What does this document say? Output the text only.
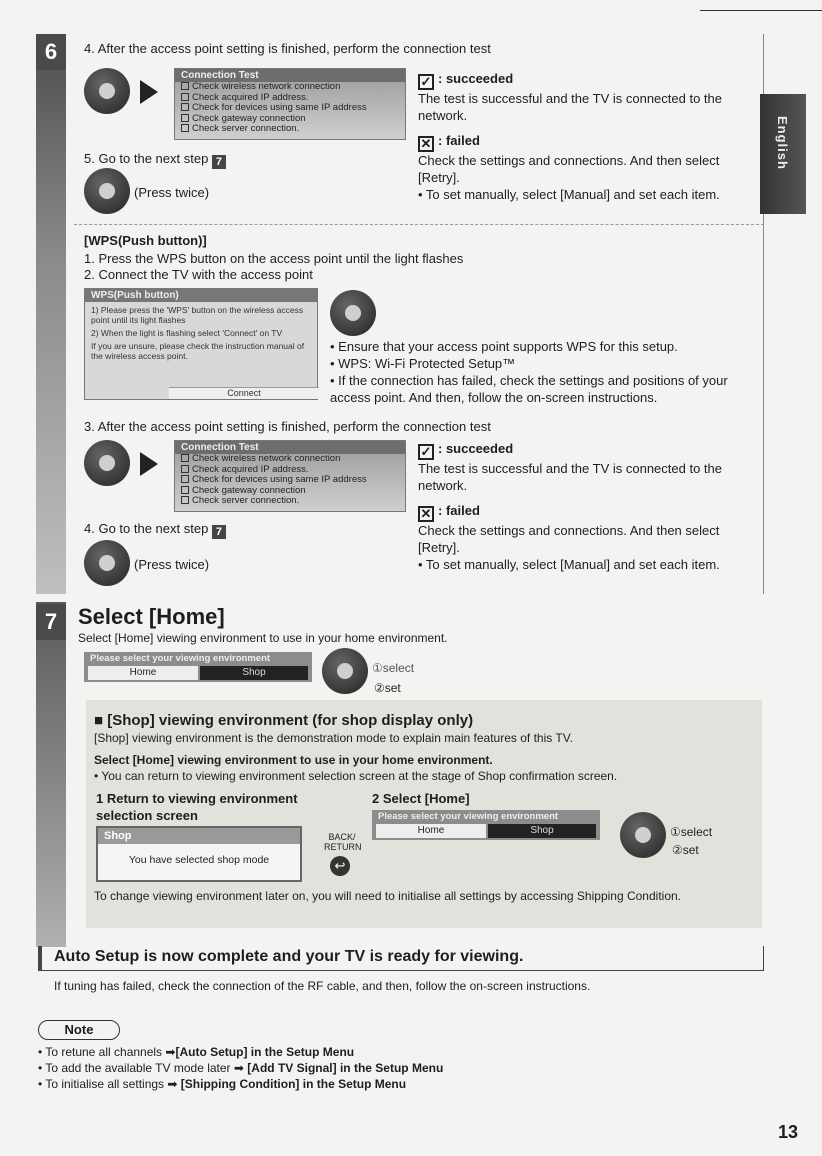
6	4. After the access point setting is finished, perform the connection test
Connection Test
Check wireless network connection
Check acquired IP address.
Check for devices using same IP address
Check gateway connection
Check server connection.
✓ : succeeded
The test is successful and the TV is connected to the network.
✕ : failed
Check the settings and connections. And then select [Retry].
• To set manually, select [Manual] and set each item.
5. Go to the next step 7
(Press twice)
[WPS(Push button)]
1. Press the WPS button on the access point until the light flashes
2. Connect the TV with the access point
WPS(Push button)
1) Please press the 'WPS' button on the wireless access point until its light flashes
2) When the light is flashing select 'Connect' on TV
If you are unsure, please check the instruction manual of the wireless access point.
Connect
• Ensure that your access point supports WPS for this setup.
• WPS: Wi-Fi Protected Setup™
• If the connection has failed, check the settings and positions of your access point. And then, follow the on-screen instructions.
3. After the access point setting is finished, perform the connection test
Connection Test
Check wireless network connection
Check acquired IP address.
Check for devices using same IP address
Check gateway connection
Check server connection.
✓ : succeeded
The test is successful and the TV is connected to the network.
✕ : failed
Check the settings and connections. And then select [Retry].
• To set manually, select [Manual] and set each item.
4. Go to the next step 7
(Press twice)
English
7 Select [Home]
Select [Home] viewing environment to use in your home environment.
Please select your viewing environment
Home	Shop	①select
②set
■ [Shop] viewing environment (for shop display only)
[Shop] viewing environment is the demonstration mode to explain main features of this TV.
Select [Home] viewing environment to use in your home environment.
• You can return to viewing environment selection screen at the stage of Shop confirmation screen.
1 Return to viewing environment selection screen
2 Select [Home]
Shop
You have selected shop mode
BACK/ RETURN
↩
Please select your viewing environment
Home	Shop	①select
②set
To change viewing environment later on, you will need to initialise all settings by accessing Shipping Condition.
Auto Setup is now complete and your TV is ready for viewing.
If tuning has failed, check the connection of the RF cable, and then, follow the on-screen instructions.
Note
• To retune all channels ➡[Auto Setup] in the Setup Menu
• To add the available TV mode later ➡ [Add TV Signal] in the Setup Menu
• To initialise all settings ➡ [Shipping Condition] in the Setup Menu
13
